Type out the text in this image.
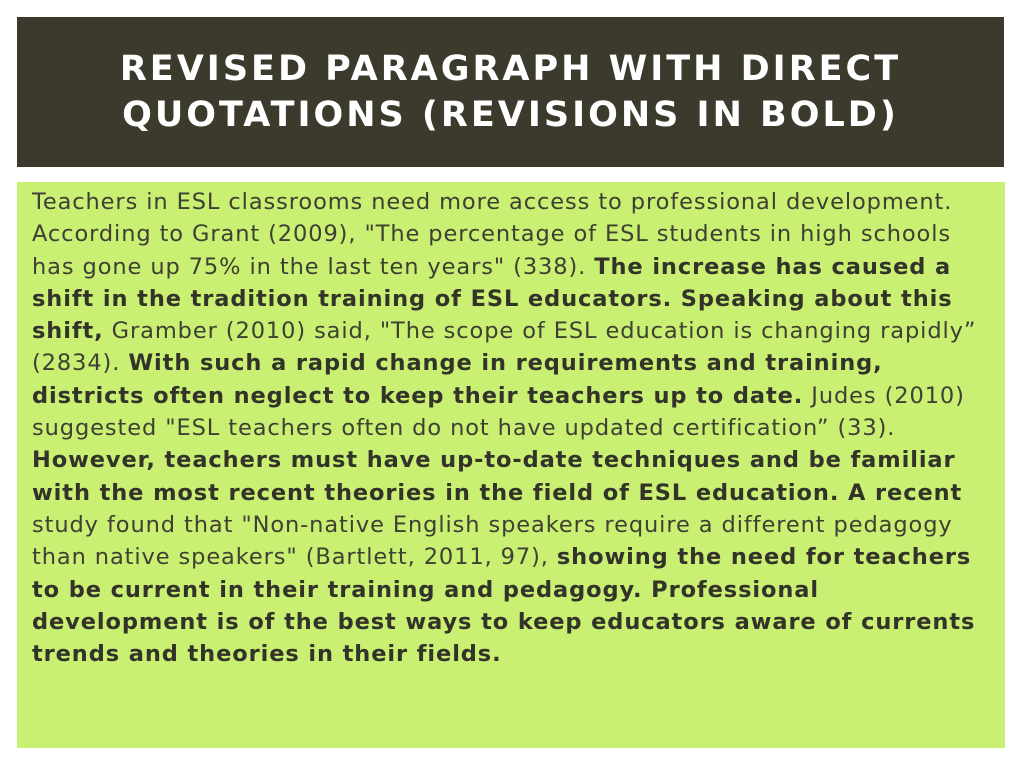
REVISED PARAGRAPH WITH DIRECT
QUOTATIONS (REVISIONS IN BOLD)

Teachers in ESL classrooms need more access to professional development. According to Grant (2009), "The percentage of ESL students in high schools has gone up 75% in the last ten years" (338). The increase has caused a shift in the tradition training of ESL educators. Speaking about this shift, Gramber (2010) said, "The scope of ESL education is changing rapidly” (2834). With such a rapid change in requirements and training, districts often neglect to keep their teachers up to date. Judes (2010) suggested "ESL teachers often do not have updated certification” (33). However, teachers must have up-to-date techniques and be familiar with the most recent theories in the field of ESL education. A recent study found that "Non-native English speakers require a different pedagogy than native speakers" (Bartlett, 2011, 97), showing the need for teachers to be current in their training and pedagogy. Professional development is of the best ways to keep educators aware of currents trends and theories in their fields.
